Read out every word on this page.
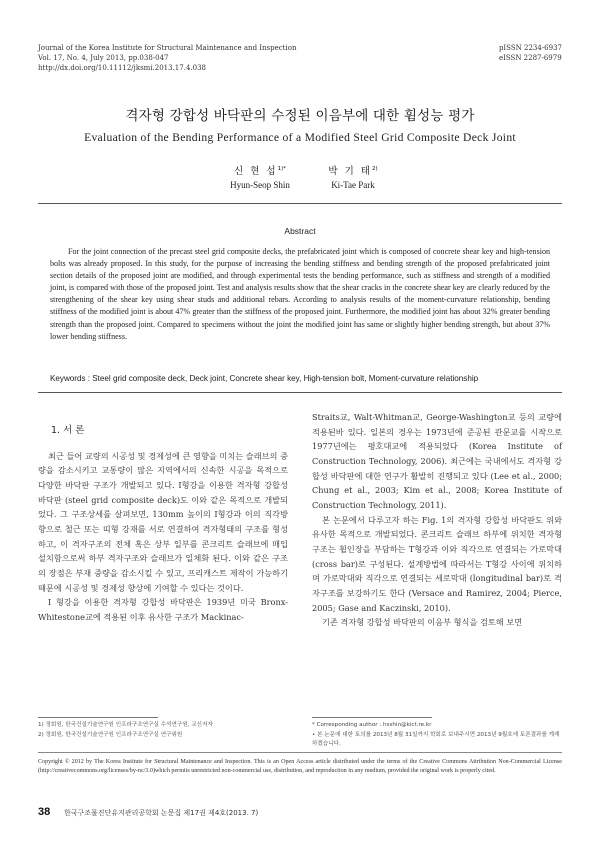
Journal of the Korea Institute for Structural Maintenance and Inspection
Vol. 17, No. 4, July 2013, pp.038-047
http://dx.doi.org/10.11112/jksmi.2013.17.4.038
pISSN 2234-6937
eISSN 2287-6979
격자형 강합성 바닥판의 수정된 이음부에 대한 휨성능 평가
Evaluation of the Bending Performance of a Modified Steel Grid Composite Deck Joint
신 현 섭$^{1)*}$
Hyun-Seop Shin
박 기 태$^{2)}$
Ki-Tae Park
Abstract
For the joint connection of the precast steel grid composite decks, the prefabricated joint which is composed of concrete shear key and high-tension bolts was already proposed. In this study, for the purpose of increasing the bending stiffness and bending strength of the proposed prefabricated joint section details of the proposed joint are modified, and through experimental tests the bending performance, such as stiffness and strength of a modified joint, is compared with those of the proposed joint. Test and analysis results show that the shear cracks in the concrete shear key are clearly reduced by the strengthening of the shear key using shear studs and additional rebars. According to analysis results of the moment-curvature relationship, bending stiffness of the modified joint is about 47% greater than the stiffness of the proposed joint. Furthermore, the modified joint has about 32% greater bending strength than the proposed joint. Compared to specimens without the joint the modified joint has same or slightly higher bending strength, but about 37% lower bending stiffness.
Keywords : Steel grid composite deck, Deck joint, Concrete shear key, High-tension bolt, Moment-curvature relationship
1. 서 론

최근 들어 교량의 시공성 및 경제성에 큰 영향을 미치는 슬래브의 중량을 감소시키고 교통량이 많은 지역에서의 신속한 시공을 목적으로 다양한 바닥판 구조가 개발되고 있다. I형강을 이용한 격자형 강합성 바닥판 (steel grid composite deck)도 이와 같은 목적으로 개발되었다. 그 구조상세를 살펴보면, 130mm 높이의 I형강과 이의 직각방향으로 철근 또는 띠형 강재를 서로 연결하여 격자형태의 구조를 형성하고, 이 격자구조의 전체 혹은 상부 일부를 콘크리트 슬래브에 매입 설치함으로써 하부 격자구조와 슬래브가 일체화 된다. 이와 같은 구조의 장점은 부재 중량을 감소시킬 수 있고, 프리캐스트 제작이 가능하기 때문에 시공성 및 경제성 향상에 기여할 수 있다는 것이다.

I 형강을 이용한 격자형 강합성 바닥판은 1939년 미국 Bronx-Whitestone교에 적용된 이후 유사한 구조가 Mackinac-

Straits교, Walt-Whitman교, George-Washington교 등의 교량에 적용된바 있다. 일본의 경우는 1973년에 준공된 관문교를 시작으로 1977년에는 평호대교에 적용되었다 (Korea Institute of Construction Technology, 2006). 최근에는 국내에서도 격자형 강합성 바닥판에 대한 연구가 활발히 진행되고 있다 (Lee et al., 2000; Chung et al., 2003; Kim et al., 2008; Korea Institute of Construction Technology, 2011).

본 논문에서 다루고자 하는 Fig. 1의 격자형 강합성 바닥판도 위와 유사한 목적으로 개발되었다. 콘크리트 슬래브 하부에 위치한 격자형 구조는 휨인장을 부담하는 T형강과 이와 직각으로 연결되는 가로막대 (cross bar)로 구성된다. 설계방법에 따라서는 T형강 사이에 위치하며 가로막대와 직각으로 연결되는 세로막대 (longitudinal bar)로 격자구조를 보강하기도 한다 (Versace and Ramirez, 2004; Pierce, 2005; Gase and Kaczinski, 2010).

기존 격자형 강합성 바닥판의 이음부 형식을 검토해 보면

1) 정회원, 한국건설기술연구원 인프라구조연구실 수석연구원, 교신저자
2) 정회원, 한국건설기술연구원 인프라구조연구실 연구위원
* Corresponding author : hsshin@kict.re.kr
• 본 논문에 대한 토의를 2013년 8월 31일까지 학회로 보내주시면 2013년 9월호에 토론결과를 게재하겠습니다.
Copyright © 2012 by The Korea Institute for Structural Maintenance and Inspection. This is an Open Access article distributed under the terms of the Creative Commons Attribution Non-Commercial License (http://creativecommons.org/licenses/by-nc/3.0)which permits unrestricted non-commercial use, distribution, and reproduction in any medium, provided the original work is properly cited.
38 한국구조물진단유지관리공학회 논문집 제17권 제4호(2013. 7)
